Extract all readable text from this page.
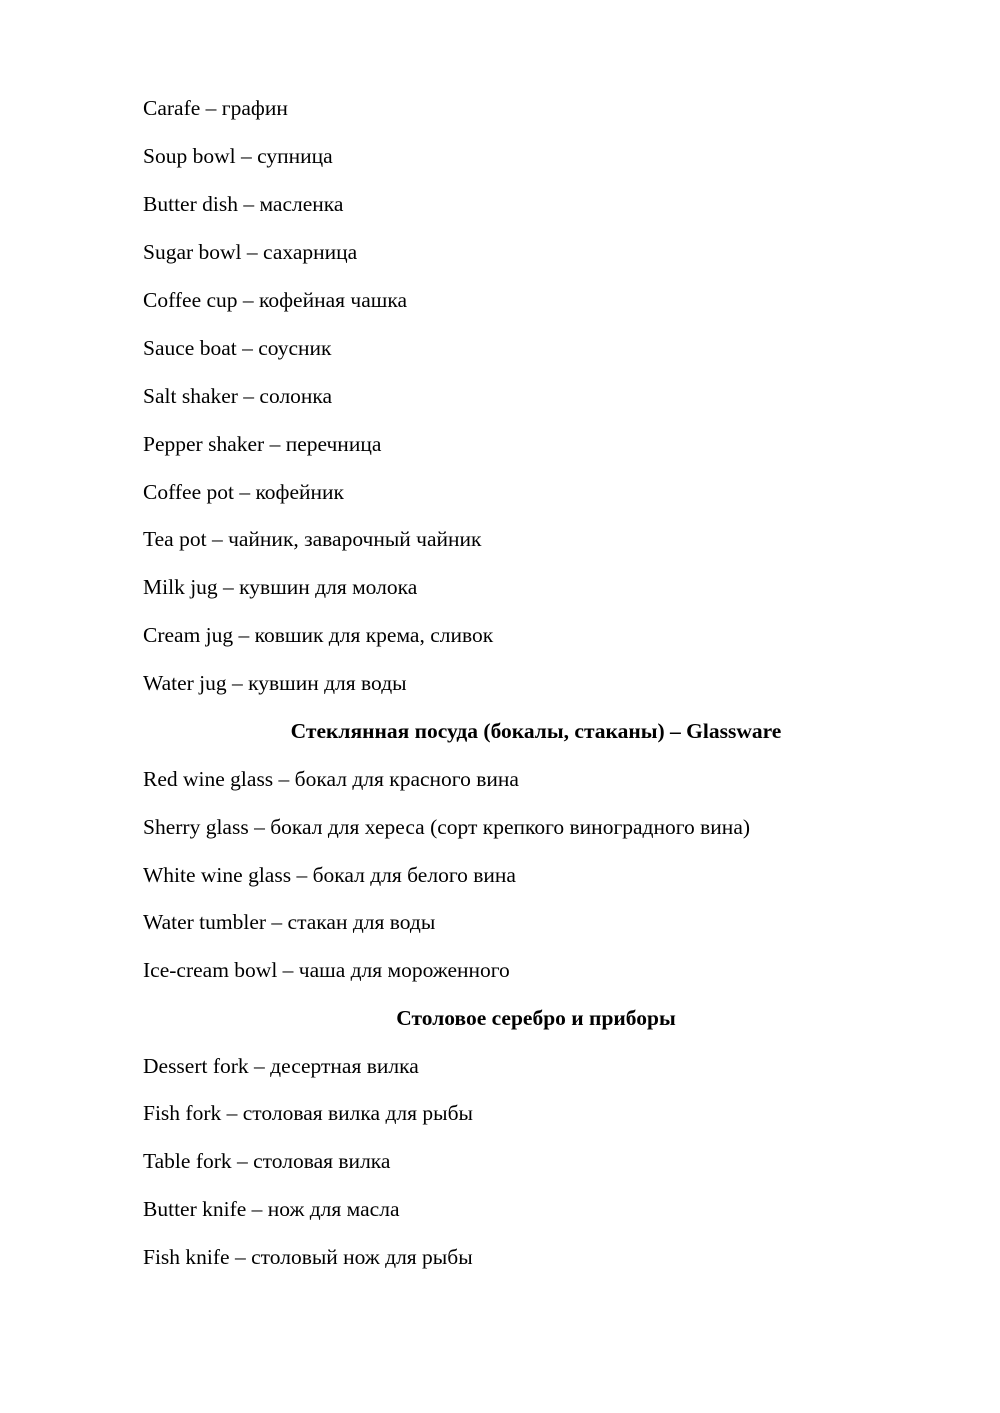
Carafe – графин
Soup bowl – супница
Butter dish – масленка
Sugar bowl – сахарница
Coffee cup – кофейная чашка
Sauce boat – соусник
Salt shaker – солонка
Pepper shaker – перечница
Coffee pot – кофейник
Tea pot – чайник, заварочный чайник
Milk jug – кувшин для молока
Cream jug – ковшик для крема, сливок
Water jug – кувшин для воды
Стеклянная посуда (бокалы, стаканы) – Glassware
Red wine glass – бокал для красного вина
Sherry glass – бокал для хереса (сорт крепкого виноградного вина)
White wine glass – бокал для белого вина
Water tumbler – стакан для воды
Ice-cream bowl – чаша для мороженного
Столовое серебро и приборы
Dessert fork – десертная вилка
Fish fork – столовая вилка для рыбы
Table fork – столовая вилка
Butter knife – нож для масла
Fish knife – столовый нож для рыбы
